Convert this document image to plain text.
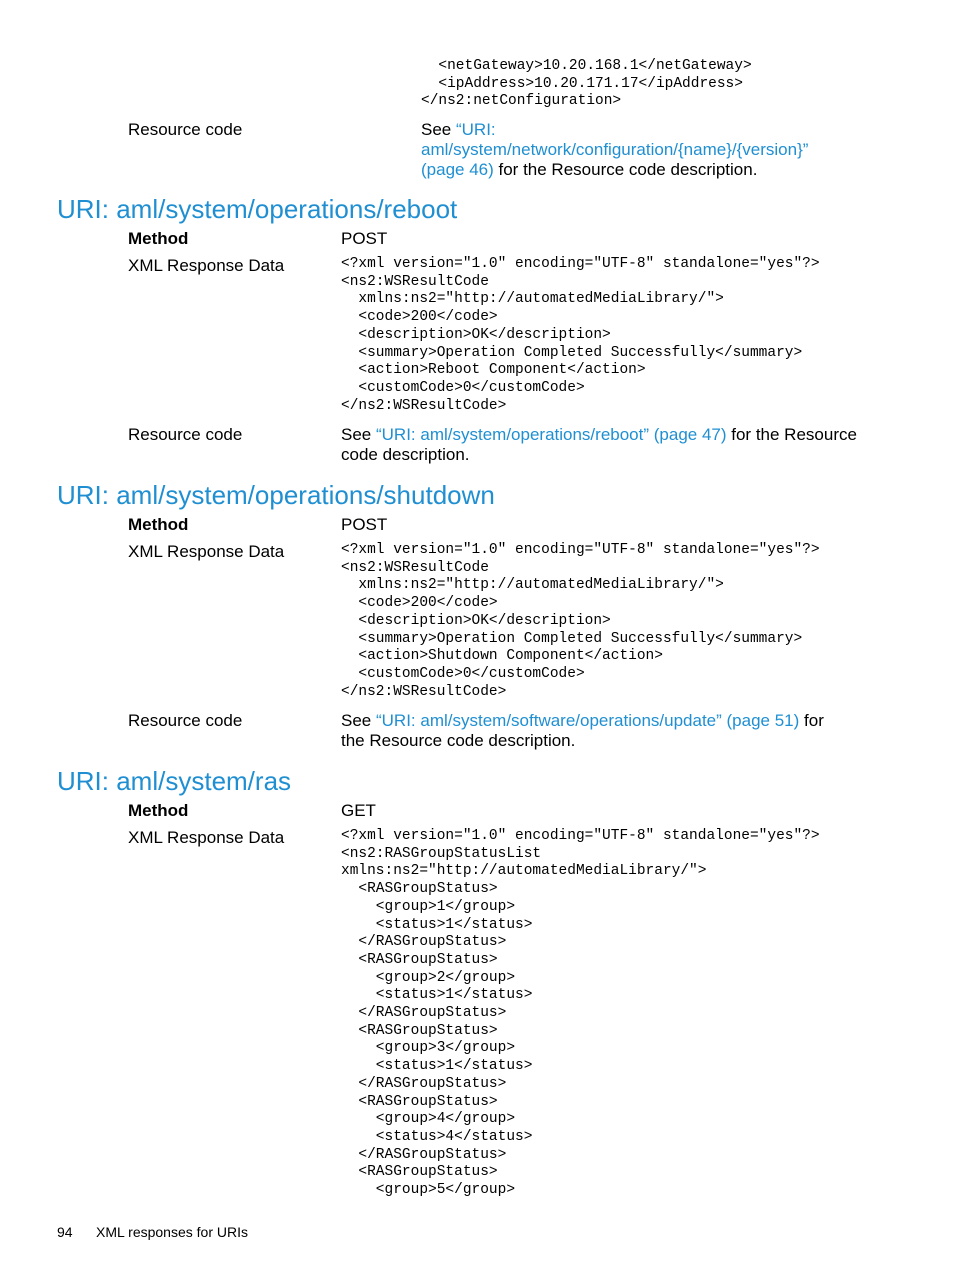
<netGateway>10.20.168.1</netGateway>
<ipAddress>10.20.171.17</ipAddress>
</ns2:netConfiguration>
Resource code	See “URI: aml/system/network/configuration/{name}/{version}” (page 46) for the Resource code description.
URI: aml/system/operations/reboot
Method	POST
XML Response Data	<?xml version="1.0" encoding="UTF-8" standalone="yes"?>
<ns2:WSResultCode
xmlns:ns2="http://automatedMediaLibrary/">
<code>200</code>
<description>OK</description>
<summary>Operation Completed Successfully</summary>
<action>Reboot Component</action>
<customCode>0</customCode>
</ns2:WSResultCode>
Resource code	See “URI: aml/system/operations/reboot” (page 47) for the Resource code description.
URI: aml/system/operations/shutdown
Method	POST
XML Response Data	<?xml version="1.0" encoding="UTF-8" standalone="yes"?>
<ns2:WSResultCode
xmlns:ns2="http://automatedMediaLibrary/">
<code>200</code>
<description>OK</description>
<summary>Operation Completed Successfully</summary>
<action>Shutdown Component</action>
<customCode>0</customCode>
</ns2:WSResultCode>
Resource code	See “URI: aml/system/software/operations/update” (page 51) for the Resource code description.
URI: aml/system/ras
Method	GET
XML Response Data	<?xml version="1.0" encoding="UTF-8" standalone="yes"?>
<ns2:RASGroupStatusList
xmlns:ns2="http://automatedMediaLibrary/">
<RASGroupStatus>
<group>1</group>
<status>1</status>
</RASGroupStatus>
<RASGroupStatus>
<group>2</group>
<status>1</status>
</RASGroupStatus>
<RASGroupStatus>
<group>3</group>
<status>1</status>
</RASGroupStatus>
<RASGroupStatus>
<group>4</group>
<status>4</status>
</RASGroupStatus>
<RASGroupStatus>
<group>5</group>
94 XML responses for URIs
